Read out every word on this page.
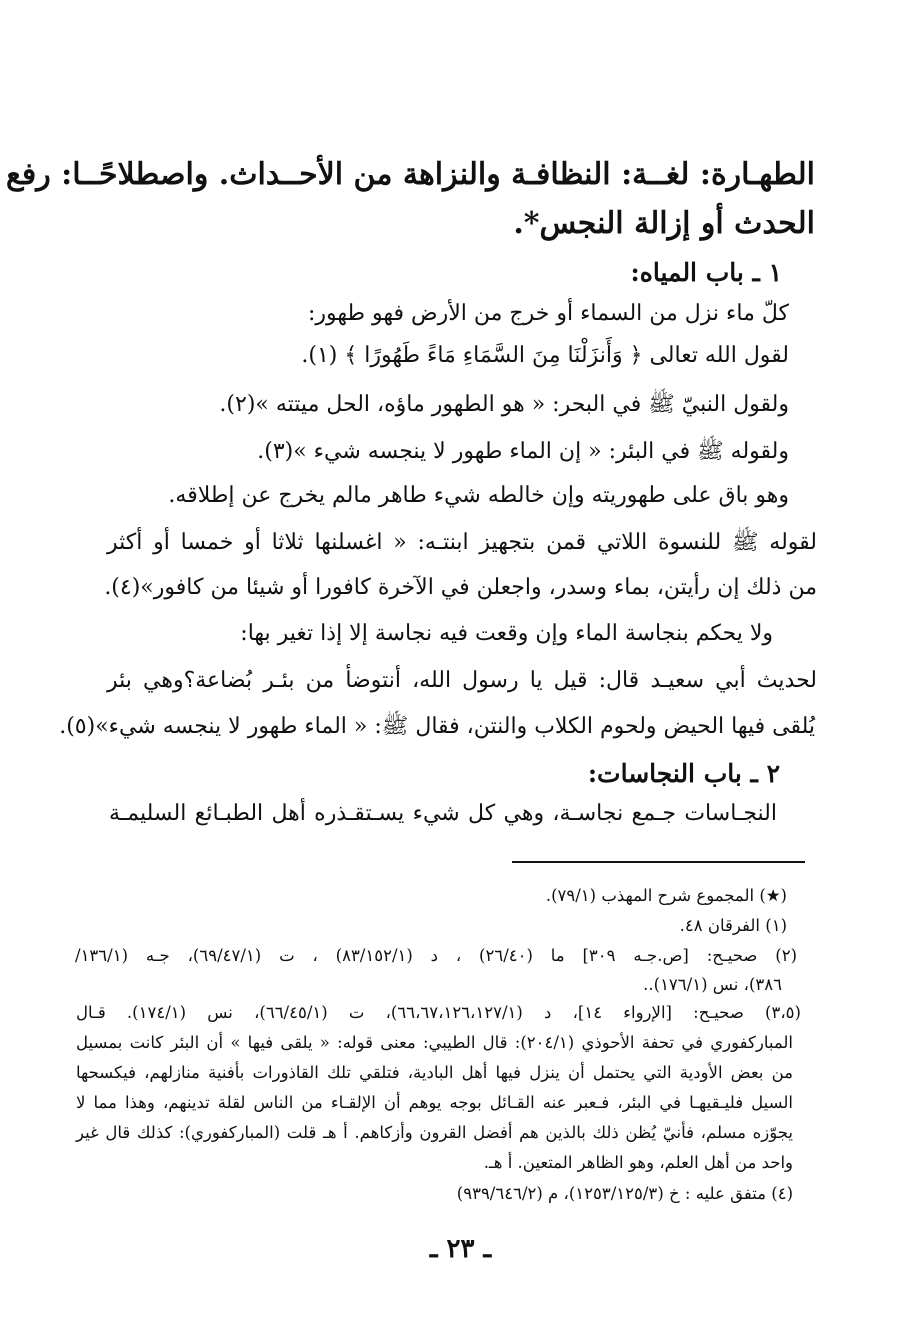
الطهـارة: لغــة: النظافـة والنزاهة من الأحــداث. واصطلاحًــا: رفع
الحدث أو إزالة النجس*.
١ ـ باب المياه:
كلّ ماء نزل من السماء أو خرج من الأرض فهو طهور:
لقول الله تعالى ﴿ وَأَنزَلْنَا مِنَ السَّمَاءِ مَاءً طَهُورًا ﴾ (١).
ولقول النبيّ ﷺ في البحر: « هو الطهور ماؤه، الحل ميتته »(٢).
ولقوله ﷺ في البئر: « إن الماء طهور لا ينجسه شيء »(٣).
وهو باق على طهوريته وإن خالطه شيء طاهر مالم يخرج عن إطلاقه.
لقوله ﷺ للنسوة اللاتي قمن بتجهيز ابنتـه: « اغسلنها ثلاثا أو خمسا أو أكثر
من ذلك إن رأيتن، بماء وسدر، واجعلن في الآخرة كافورا أو شيئا من كافور»(٤).
ولا يحكم بنجاسة الماء وإن وقعت فيه نجاسة إلا إذا تغير بها:
لحديث أبي سعيـد قال: قيل يا رسول الله، أنتوضأ من بئـر بُضاعة؟وهي بئر
يُلقى فيها الحيض ولحوم الكلاب والنتن، فقال ﷺ: « الماء طهور لا ينجسه شيء»(٥).
٢ ـ باب النجاسات:
النجـاسات جـمع نجاسـة، وهي كل شيء يسـتقـذره أهل الطبـائع السليمـة
(★) المجموع شرح المهذب (٧٩/١).
(١) الفرقان ٤٨.
(٢) صحيـح: [ص.جـه ٣٠٩] ما (٢٦/٤٠) ، د (٨٣/١٥٢/١) ، ت (٦٩/٤٧/١)، جـه (١٣٦/١/
٣٨٦)، نس (١٧٦/١)..
(٣،٥) صحيـح: [الإرواء ١٤]، د (٦٦،٦٧،١٢٦،١٢٧/١)، ت (٦٦/٤٥/١)، نس (١٧٤/١). قـال
المباركفوري في تحفة الأحوذي (٢٠٤/١): قال الطيبي: معنى قوله: « يلقى فيها » أن البئر كانت بمسيل
من بعض الأودية التي يحتمل أن ينزل فيها أهل البادية، فتلقي تلك القاذورات بأفنية منازلهم، فيكسحها
السيل فليـقيهـا في البئر، فـعبر عنه القـائل بوجه يوهم أن الإلقـاء من الناس لقلة تدينهم، وهذا مما لا
يجوّزه مسلم، فأنيّ يُظن ذلك بالذين هم أفضل القرون وأزكاهم. أ هـ قلت (المباركفوري): كذلك قال غير
واحد من أهل العلم، وهو الظاهر المتعين. أ هـ.
(٤) متفق عليه : خ (١٢٥٣/١٢٥/٣)، م (٩٣٩/٦٤٦/٢)
ـ ٢٣ ـ
